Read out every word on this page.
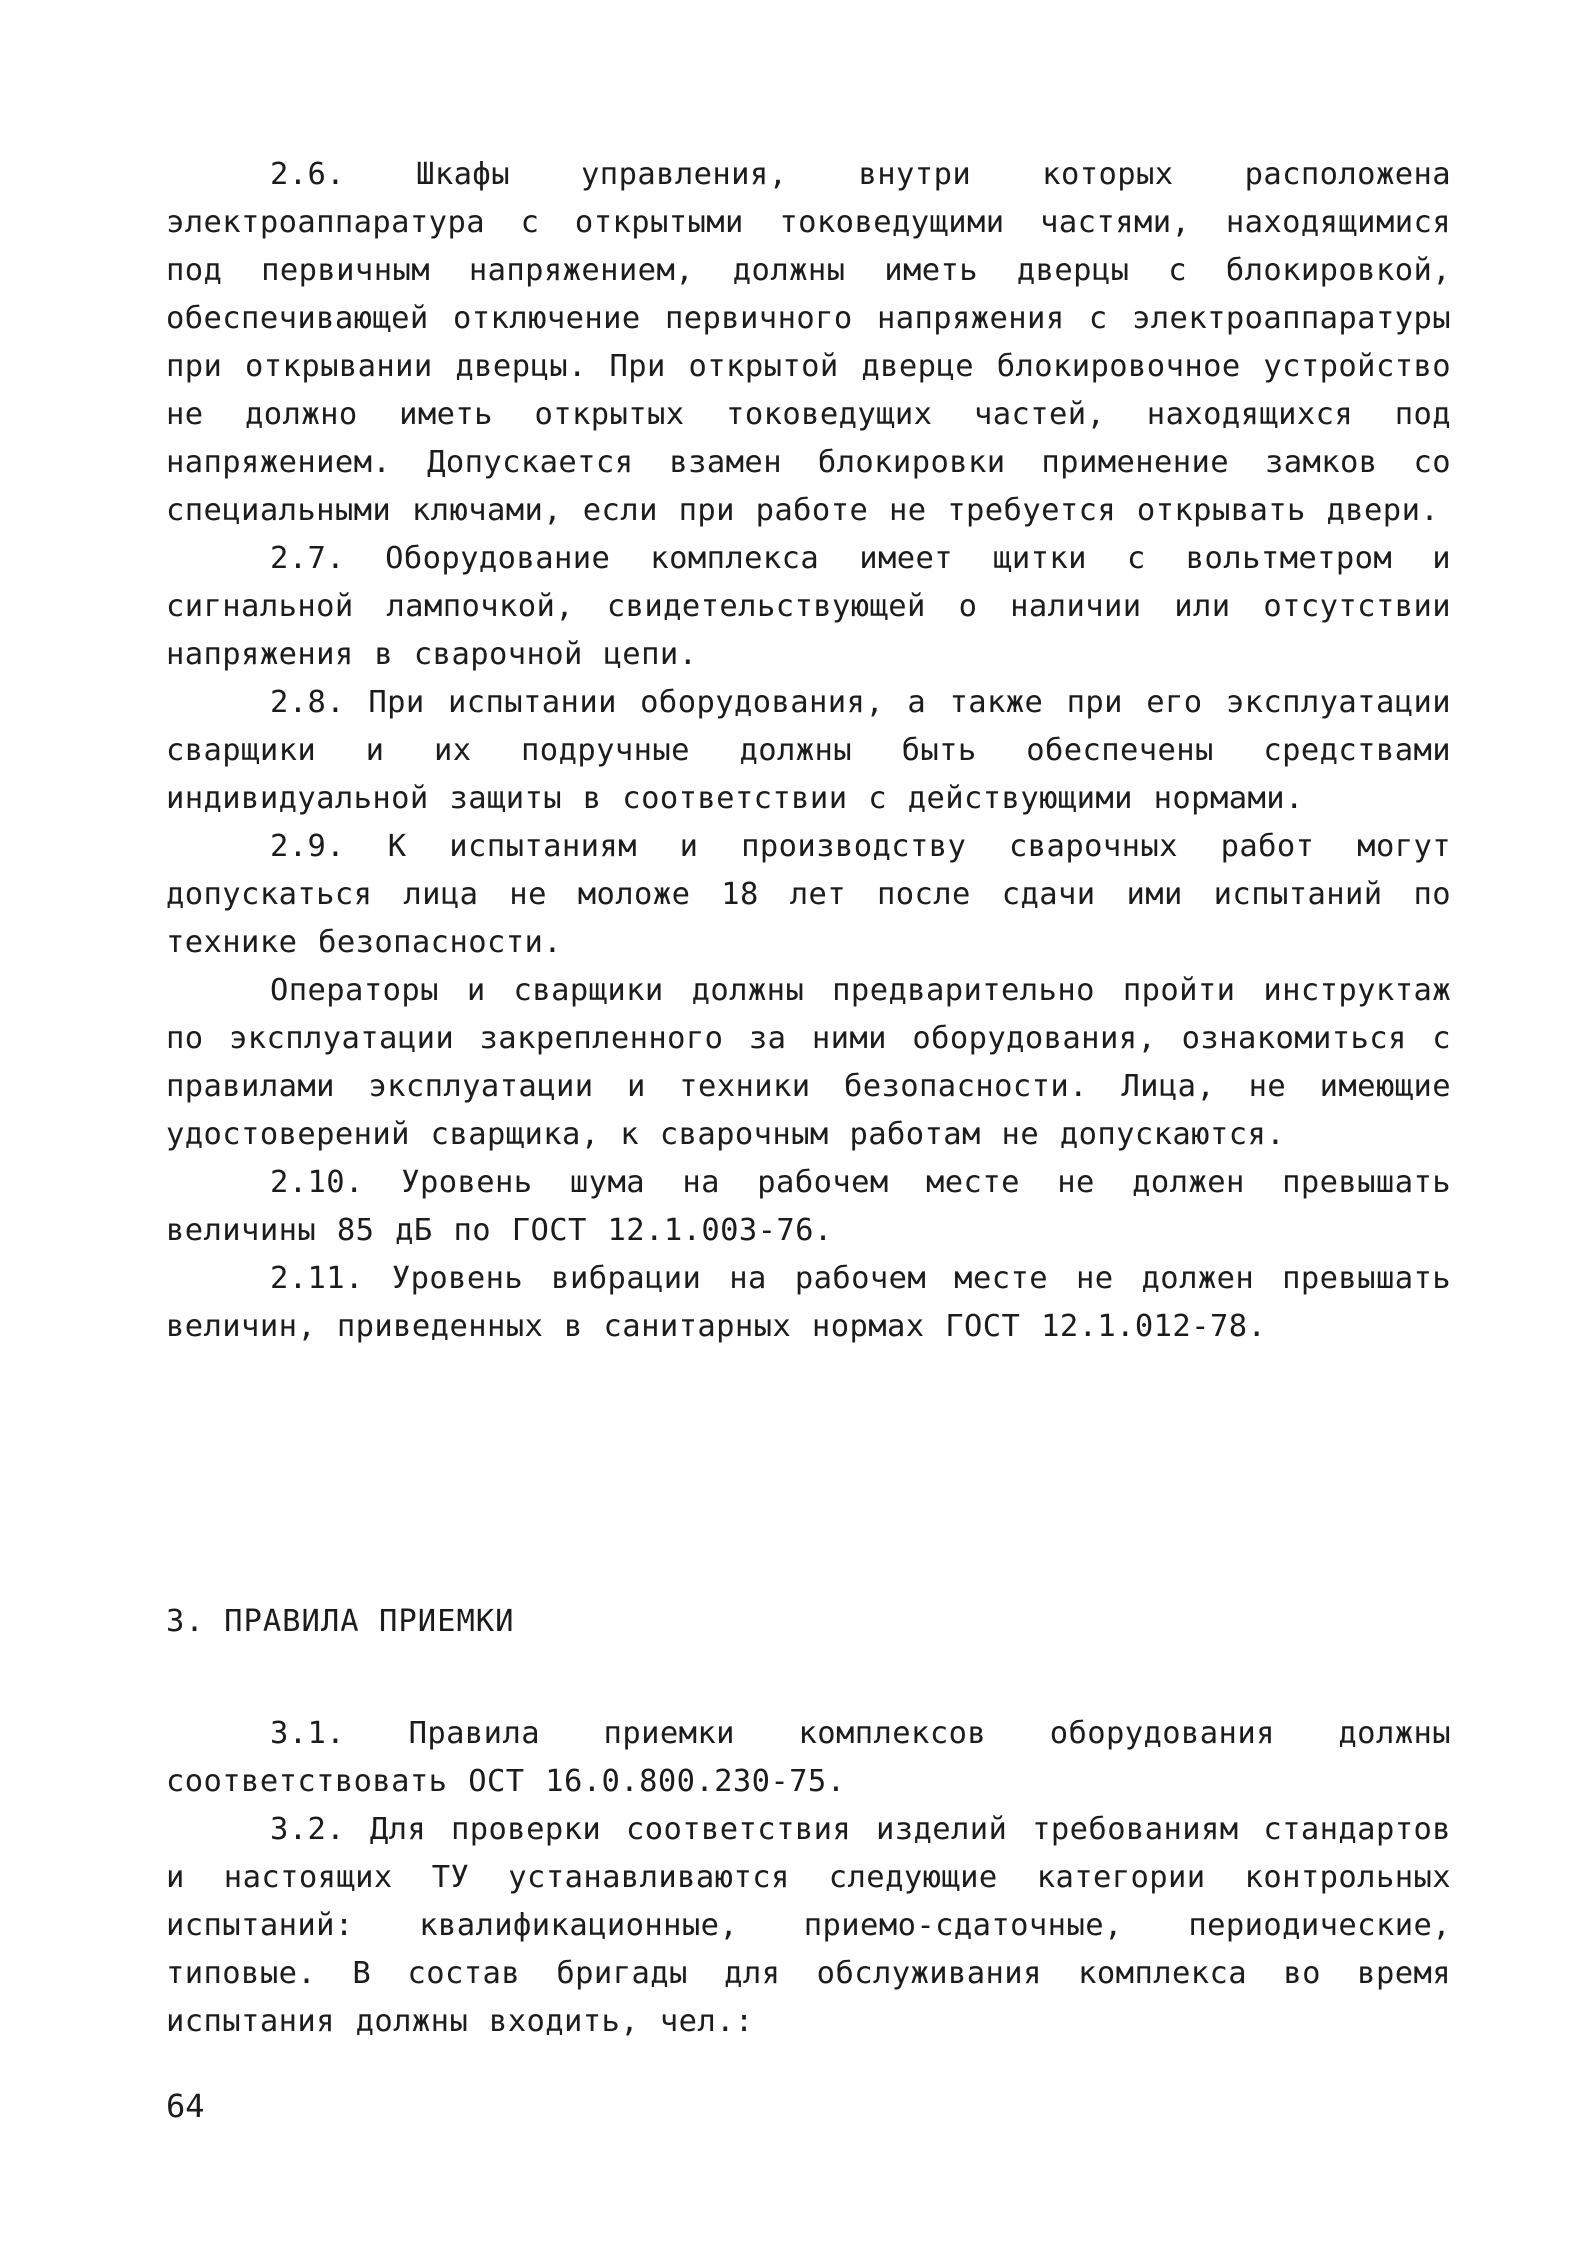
2.6. Шкафы управления, внутри которых расположена электроаппаратура с открытыми токоведущими частями, находящимися под первичным напряжением, должны иметь дверцы с блокировкой, обеспечивающей отключение первичного напряжения с электроаппаратуры при открывании дверцы. При открытой дверце блокировочное устройство не должно иметь открытых токоведущих частей, находящихся под напряжением. Допускается взамен блокировки применение замков со специальными ключами, если при работе не требуется открывать двери.

2.7. Оборудование комплекса имеет щитки с вольтметром и сигнальной лампочкой, свидетельствующей о наличии или отсутствии напряжения в сварочной цепи.

2.8. При испытании оборудования, а также при его эксплуатации сварщики и их подручные должны быть обеспечены средствами индивидуальной защиты в соответствии с действующими нормами.

2.9. К испытаниям и производству сварочных работ могут допускаться лица не моложе 18 лет после сдачи ими испытаний по технике безопасности.

Операторы и сварщики должны предварительно пройти инструктаж по эксплуатации закрепленного за ними оборудования, ознакомиться с правилами эксплуатации и техники безопасности. Лица, не имеющие удостоверений сварщика, к сварочным работам не допускаются.

2.10. Уровень шума на рабочем месте не должен превышать величины 85 дБ по ГОСТ 12.1.003-76.

2.11. Уровень вибрации на рабочем месте не должен превышать величин, приведенных в санитарных нормах ГОСТ 12.1.012-78.

3. ПРАВИЛА ПРИЕМКИ

3.1. Правила приемки комплексов оборудования должны соответствовать ОСТ 16.0.800.230-75.

3.2. Для проверки соответствия изделий требованиям стандартов и настоящих ТУ устанавливаются следующие категории контрольных испытаний: квалификационные, приемо-сдаточные, периодические, типовые. В состав бригады для обслуживания комплекса во время испытания должны входить, чел.:

64
